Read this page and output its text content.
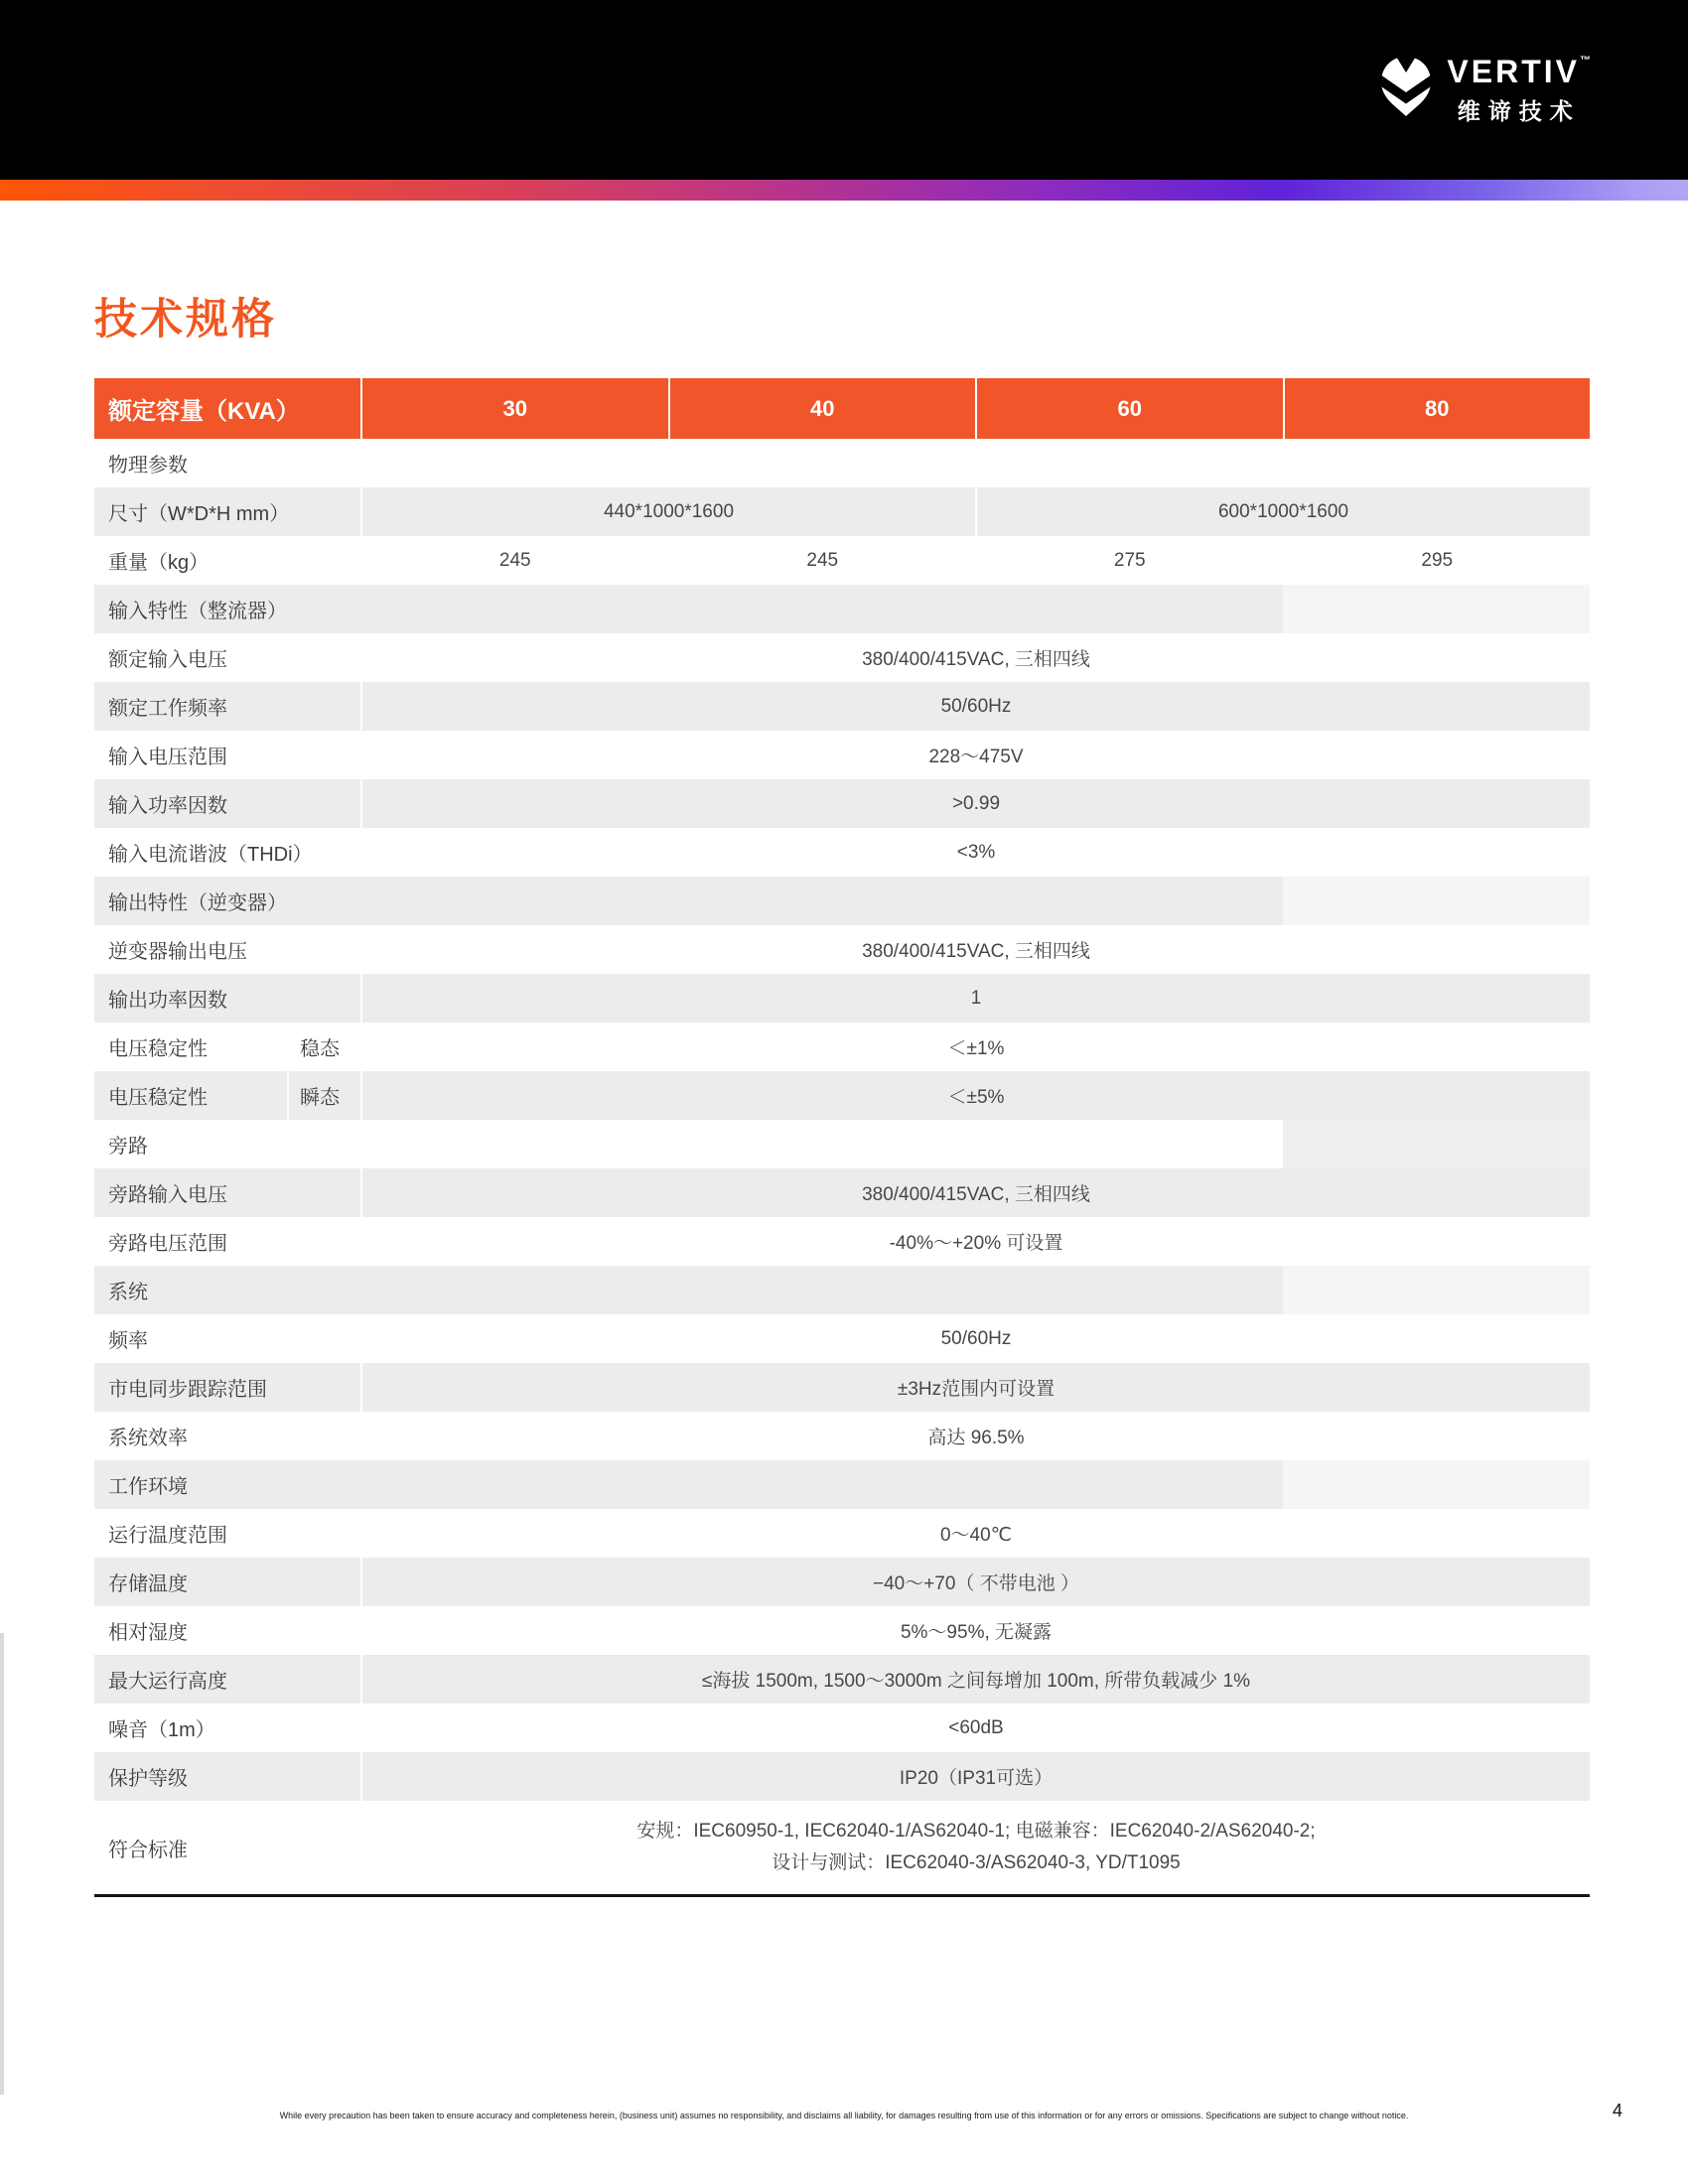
VERTIV™
维谛技术
技术规格
额定容量（KVA）	30	40	60	80
物理参数
尺寸（W*D*H mm）	440*1000*1600	600*1000*1600
重量（kg）	245	245	275	295
输入特性（整流器）
额定输入电压	380/400/415VAC, 三相四线
额定工作频率	50/60Hz
输入电压范围	228～475V
输入功率因数	>0.99
输入电流谐波（THDi）	<3%
输出特性（逆变器）
逆变器输出电压	380/400/415VAC, 三相四线
输出功率因数	1
电压稳定性	稳态	＜±1%
电压稳定性	瞬态	＜±5%
旁路
旁路输入电压	380/400/415VAC, 三相四线
旁路电压范围	-40%～+20% 可设置
系统
频率	50/60Hz
市电同步跟踪范围	±3Hz范围内可设置
系统效率	高达 96.5%
工作环境
运行温度范围	0～40℃
存储温度	−40～+70（ 不带电池 ）
相对湿度	5%～95%, 无凝露
最大运行高度	≤海拔 1500m, 1500～3000m 之间每增加 100m, 所带负载减少 1%
噪音（1m）	<60dB
保护等级	IP20（IP31可选）
符合标准
安规：IEC60950-1, IEC62040-1/AS62040-1; 电磁兼容：IEC62040-2/AS62040-2;
设计与测试：IEC62040-3/AS62040-3, YD/T1095
While every precaution has been taken to ensure accuracy and completeness herein, (business unit) assumes no responsibility, and disclaims all liability, for damages resulting from use of this information or for any errors or omissions. Specifications are subject to change without notice.	4
